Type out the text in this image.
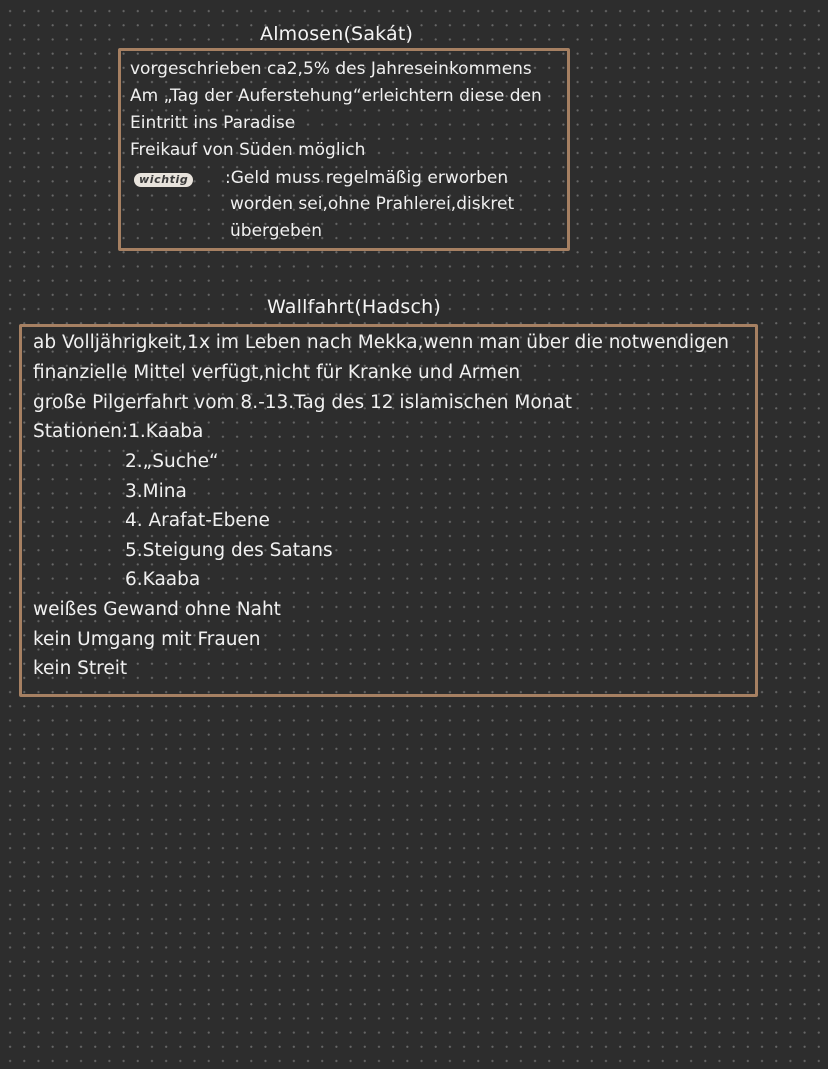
Almosen(Sakát)
vorgeschrieben ca2,5% des Jahreseinkommens
Am „Tag der Auferstehung“erleichtern diese den
Eintritt ins Paradise
Freikauf von Süden möglich
wichtig :Geld muss regelmäßig erworben
worden sei,ohne Prahlerei,diskret
übergeben
Wallfahrt(Hadsch)
ab Volljährigkeit,1x im Leben nach Mekka,wenn man über die notwendigen
finanzielle Mittel verfügt,nicht für Kranke und Armen
große Pilgerfahrt vom 8.-13.Tag des 12 islamischen Monat
Stationen:1.Kaaba
2.„Suche“
3.Mina
4. Arafat-Ebene
5.Steigung des Satans
6.Kaaba
weißes Gewand ohne Naht
kein Umgang mit Frauen
kein Streit
